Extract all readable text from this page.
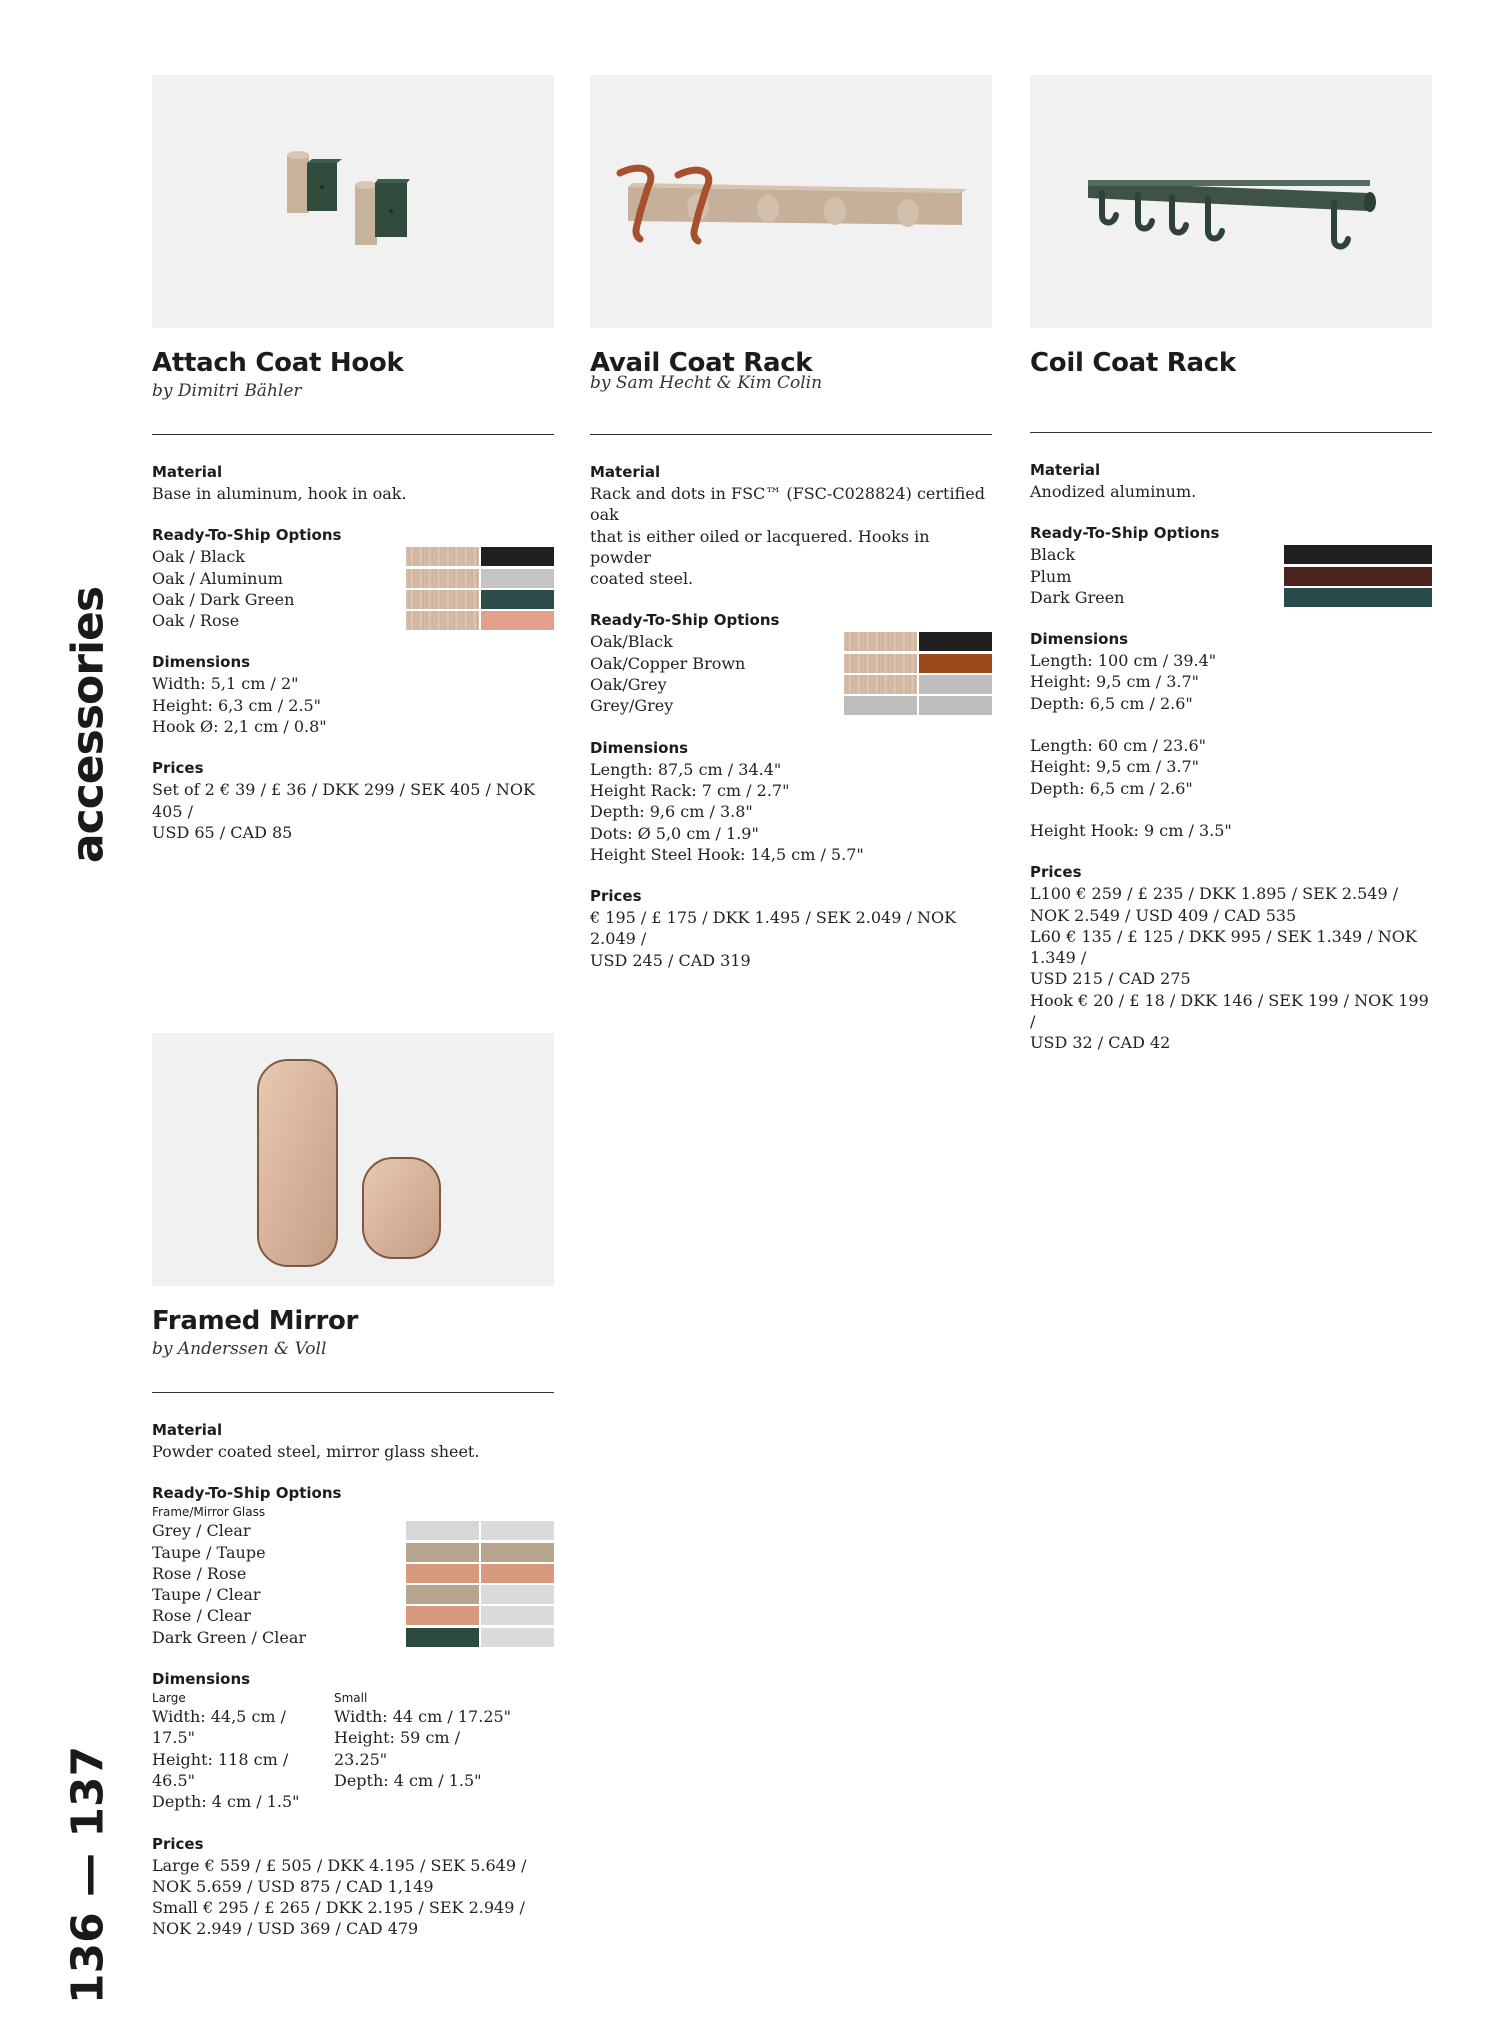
accessories
136 — 137

Attach Coat Hook

by Dimitri Bähler

Material

Base in aluminum, hook in oak.

Ready-To-Ship Options

Oak / Black
Oak / Aluminum
Oak / Dark Green
Oak / Rose

Dimensions

Width: 5,1 cm / 2"

Height: 6,3 cm / 2.5"

Hook Ø: 2,1 cm / 0.8"

Prices

Set of 2 € 39 / £ 36 / DKK 299 / SEK 405 / NOK 405 /

USD 65 / CAD 85

Avail Coat Rack

by Sam Hecht & Kim Colin

Material

Rack and dots in FSC™ (FSC-C028824) certified oak

that is either oiled or lacquered. Hooks in powder

coated steel.

Ready-To-Ship Options

Oak/Black
Oak/Copper Brown
Oak/Grey
Grey/Grey

Dimensions

Length: 87,5 cm / 34.4"

Height Rack: 7 cm / 2.7"

Depth: 9,6 cm / 3.8"

Dots: Ø 5,0 cm / 1.9"

Height Steel Hook: 14,5 cm / 5.7"

Prices

€ 195 / £ 175 / DKK 1.495 / SEK 2.049 / NOK 2.049 /

USD 245 / CAD 319

Coil Coat Rack

Material

Anodized aluminum.

Ready-To-Ship Options

Black
Plum
Dark Green

Dimensions

Length: 100 cm / 39.4"

Height: 9,5 cm / 3.7"

Depth: 6,5 cm / 2.6"

Length: 60 cm / 23.6"

Height: 9,5 cm / 3.7"

Depth: 6,5 cm / 2.6"

Height Hook: 9 cm / 3.5"

Prices

L100 € 259 / £ 235 / DKK 1.895 / SEK 2.549 /

NOK 2.549 / USD 409 / CAD 535

L60 € 135 / £ 125 / DKK 995 / SEK 1.349 / NOK 1.349 /

USD 215 / CAD 275

Hook € 20 / £ 18 / DKK 146 / SEK 199 / NOK 199 /

USD 32 / CAD 42

Framed Mirror

by Anderssen & Voll

Material

Powder coated steel, mirror glass sheet.

Ready-To-Ship Options

Frame/Mirror Glass

Grey / Clear
Taupe / Taupe
Rose / Rose
Taupe / Clear
Rose / Clear
Dark Green / Clear

Dimensions

Large

Width: 44,5 cm / 17.5"

Height: 118 cm / 46.5"

Depth: 4 cm / 1.5"

Small

Width: 44 cm / 17.25"

Height: 59 cm / 23.25"

Depth: 4 cm / 1.5"

Prices

Large € 559 / £ 505 / DKK 4.195 / SEK 5.649 /

NOK 5.659 / USD 875 / CAD 1,149

Small € 295 / £ 265 / DKK 2.195 / SEK 2.949 /

NOK 2.949 / USD 369 / CAD 479
